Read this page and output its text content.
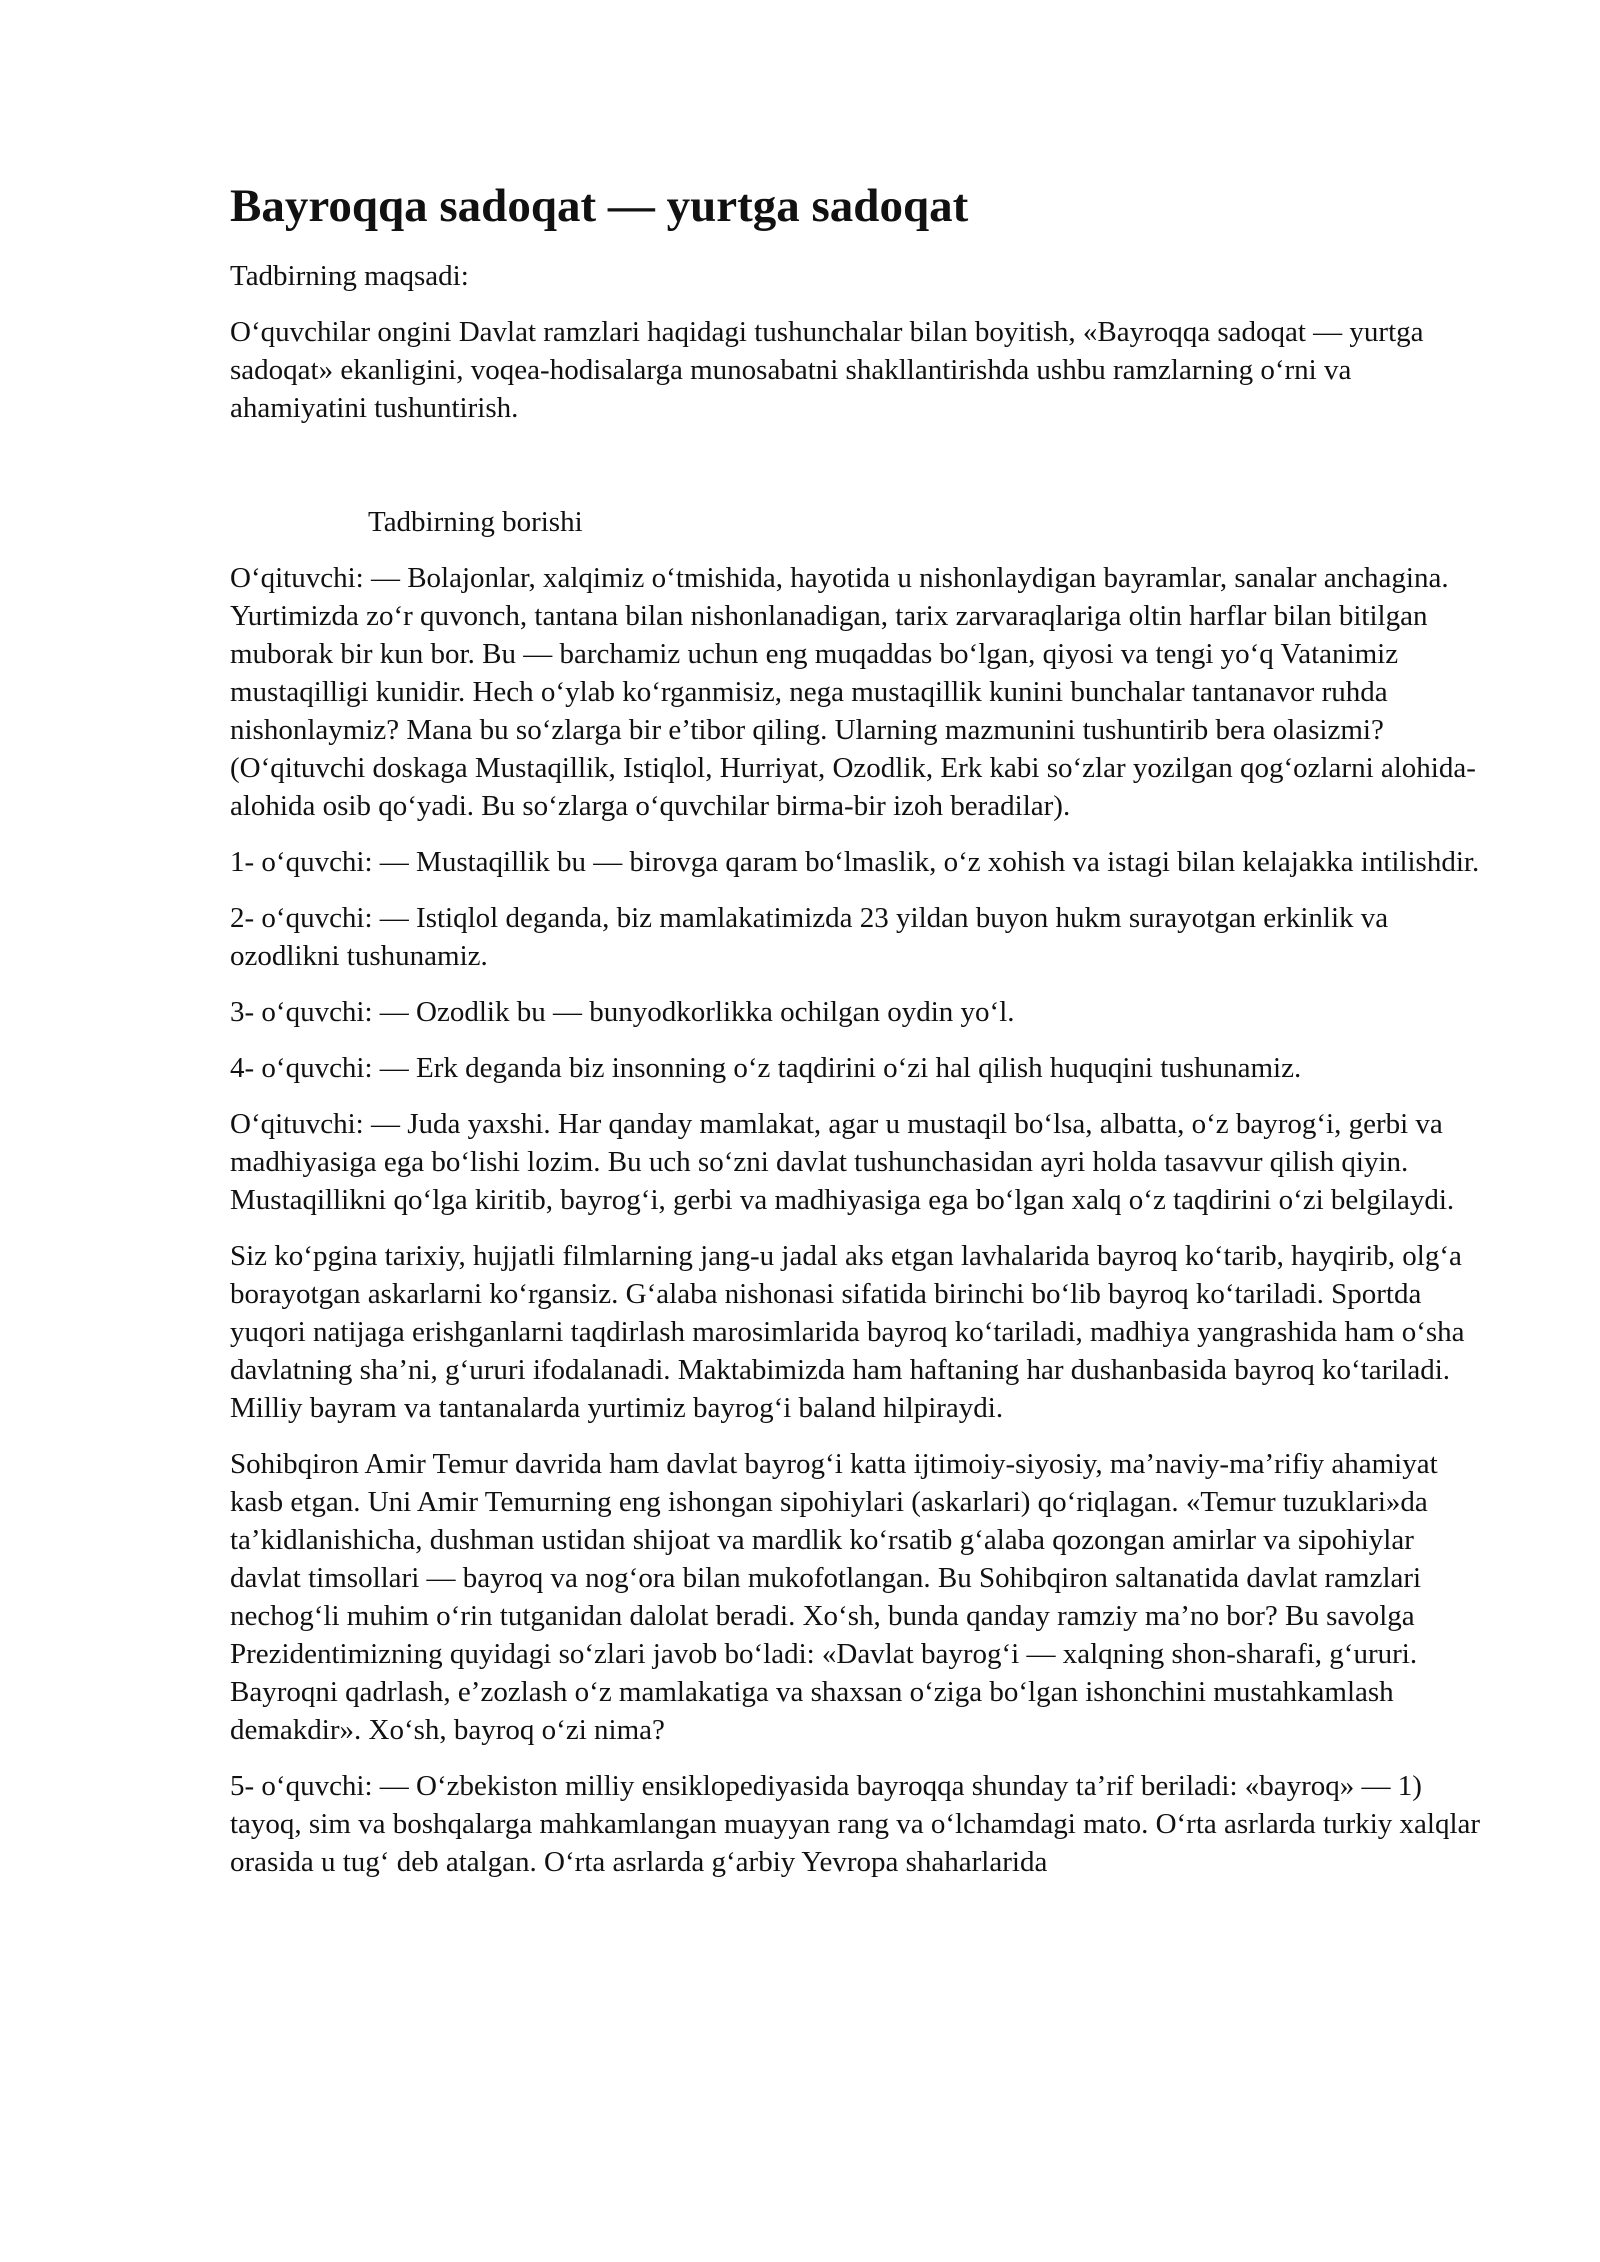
Bayroqqa sadoqat — yurtga sadoqat
Tadbirning maqsadi:
O‘quvchilar ongini Davlat ramzlari haqidagi tushunchalar bilan boyitish, «Bayroqqa sadoqat — yurtga sadoqat» ekanligini, voqea-hodisalarga munosabatni shakllantirishda ushbu ramzlarning o‘rni va ahamiyatini tushuntirish.
Tadbirning borishi
O‘qituvchi: — Bolajonlar, xalqimiz o‘tmishida, hayotida u nishonlaydigan bayramlar, sanalar anchagina. Yurtimizda zo‘r quvonch, tantana bilan nishonlanadigan, tarix zarvaraqlariga oltin harflar bilan bitilgan muborak bir kun bor. Bu — barchamiz uchun eng muqaddas bo‘lgan, qiyosi va tengi yo‘q Vatanimiz mustaqilligi kunidir. Hech o‘ylab ko‘rganmisiz, nega mustaqillik kunini bunchalar tantanavor ruhda nishonlaymiz? Mana bu so‘zlarga bir e’tibor qiling. Ularning mazmunini tushuntirib bera olasizmi? (O‘qituvchi doskaga Mustaqillik, Istiqlol, Hurriyat, Ozodlik, Erk kabi so‘zlar yozilgan qog‘ozlarni alohida-alohida osib qo‘yadi. Bu so‘zlarga o‘quvchilar birma-bir izoh beradilar).
1- o‘quvchi: — Mustaqillik bu — birovga qaram bo‘lmaslik, o‘z xohish va istagi bilan kelajakka intilishdir.
2- o‘quvchi: — Istiqlol deganda, biz mamlakatimizda 23 yildan buyon hukm surayotgan erkinlik va ozodlikni tushunamiz.
3- o‘quvchi: — Ozodlik bu — bunyodkorlikka ochilgan oydin yo‘l.
4- o‘quvchi: — Erk deganda biz insonning o‘z taqdirini o‘zi hal qilish huquqini tushunamiz.
O‘qituvchi: — Juda yaxshi. Har qanday mamlakat, agar u mustaqil bo‘lsa, albatta, o‘z bayrog‘i, gerbi va madhiyasiga ega bo‘lishi lozim. Bu uch so‘zni davlat tushunchasidan ayri holda tasavvur qilish qiyin. Mustaqillikni qo‘lga kiritib, bayrog‘i, gerbi va madhiyasiga ega bo‘lgan xalq o‘z taqdirini o‘zi belgilaydi.
Siz ko‘pgina tarixiy, hujjatli filmlarning jang-u jadal aks etgan lavhalarida bayroq ko‘tarib, hayqirib, olg‘a borayotgan askarlarni ko‘rgansiz. G‘alaba nishonasi sifatida birinchi bo‘lib bayroq ko‘tariladi. Sportda yuqori natijaga erishganlarni taqdirlash marosimlarida bayroq ko‘tariladi, madhiya yangrashida ham o‘sha davlatning sha’ni, g‘ururi ifodalanadi. Maktabimizda ham haftaning har dushanbasida bayroq ko‘tariladi. Milliy bayram va tantanalarda yurtimiz bayrog‘i baland hilpiraydi.
Sohibqiron Amir Temur davrida ham davlat bayrog‘i katta ijtimoiy-siyosiy, ma’naviy-ma’rifiy ahamiyat kasb etgan. Uni Amir Temurning eng ishongan sipohiylari (askarlari) qo‘riqlagan. «Temur tuzuklari»da ta’kidlanishicha, dushman ustidan shijoat va mardlik ko‘rsatib g‘alaba qozongan amirlar va sipohiylar davlat timsollari — bayroq va nog‘ora bilan mukofotlangan. Bu Sohibqiron saltanatida davlat ramzlari nechog‘li muhim o‘rin tutganidan dalolat beradi. Xo‘sh, bunda qanday ramziy ma’no bor? Bu savolga Prezidentimizning quyidagi so‘zlari javob bo‘ladi: «Davlat bayrog‘i — xalqning shon-sharafi, g‘ururi. Bayroqni qadrlash, e’zozlash o‘z mamlakatiga va shaxsan o‘ziga bo‘lgan ishonchini mustahkamlash demakdir». Xo‘sh, bayroq o‘zi nima?
5- o‘quvchi: — O‘zbekiston milliy ensiklopediyasida bayroqqa shunday ta’rif beriladi: «bayroq» — 1) tayoq, sim va boshqalarga mahkamlangan muayyan rang va o‘lchamdagi mato. O‘rta asrlarda turkiy xalqlar orasida u tug‘ deb atalgan. O‘rta asrlarda g‘arbiy Yevropa shaharlarida
